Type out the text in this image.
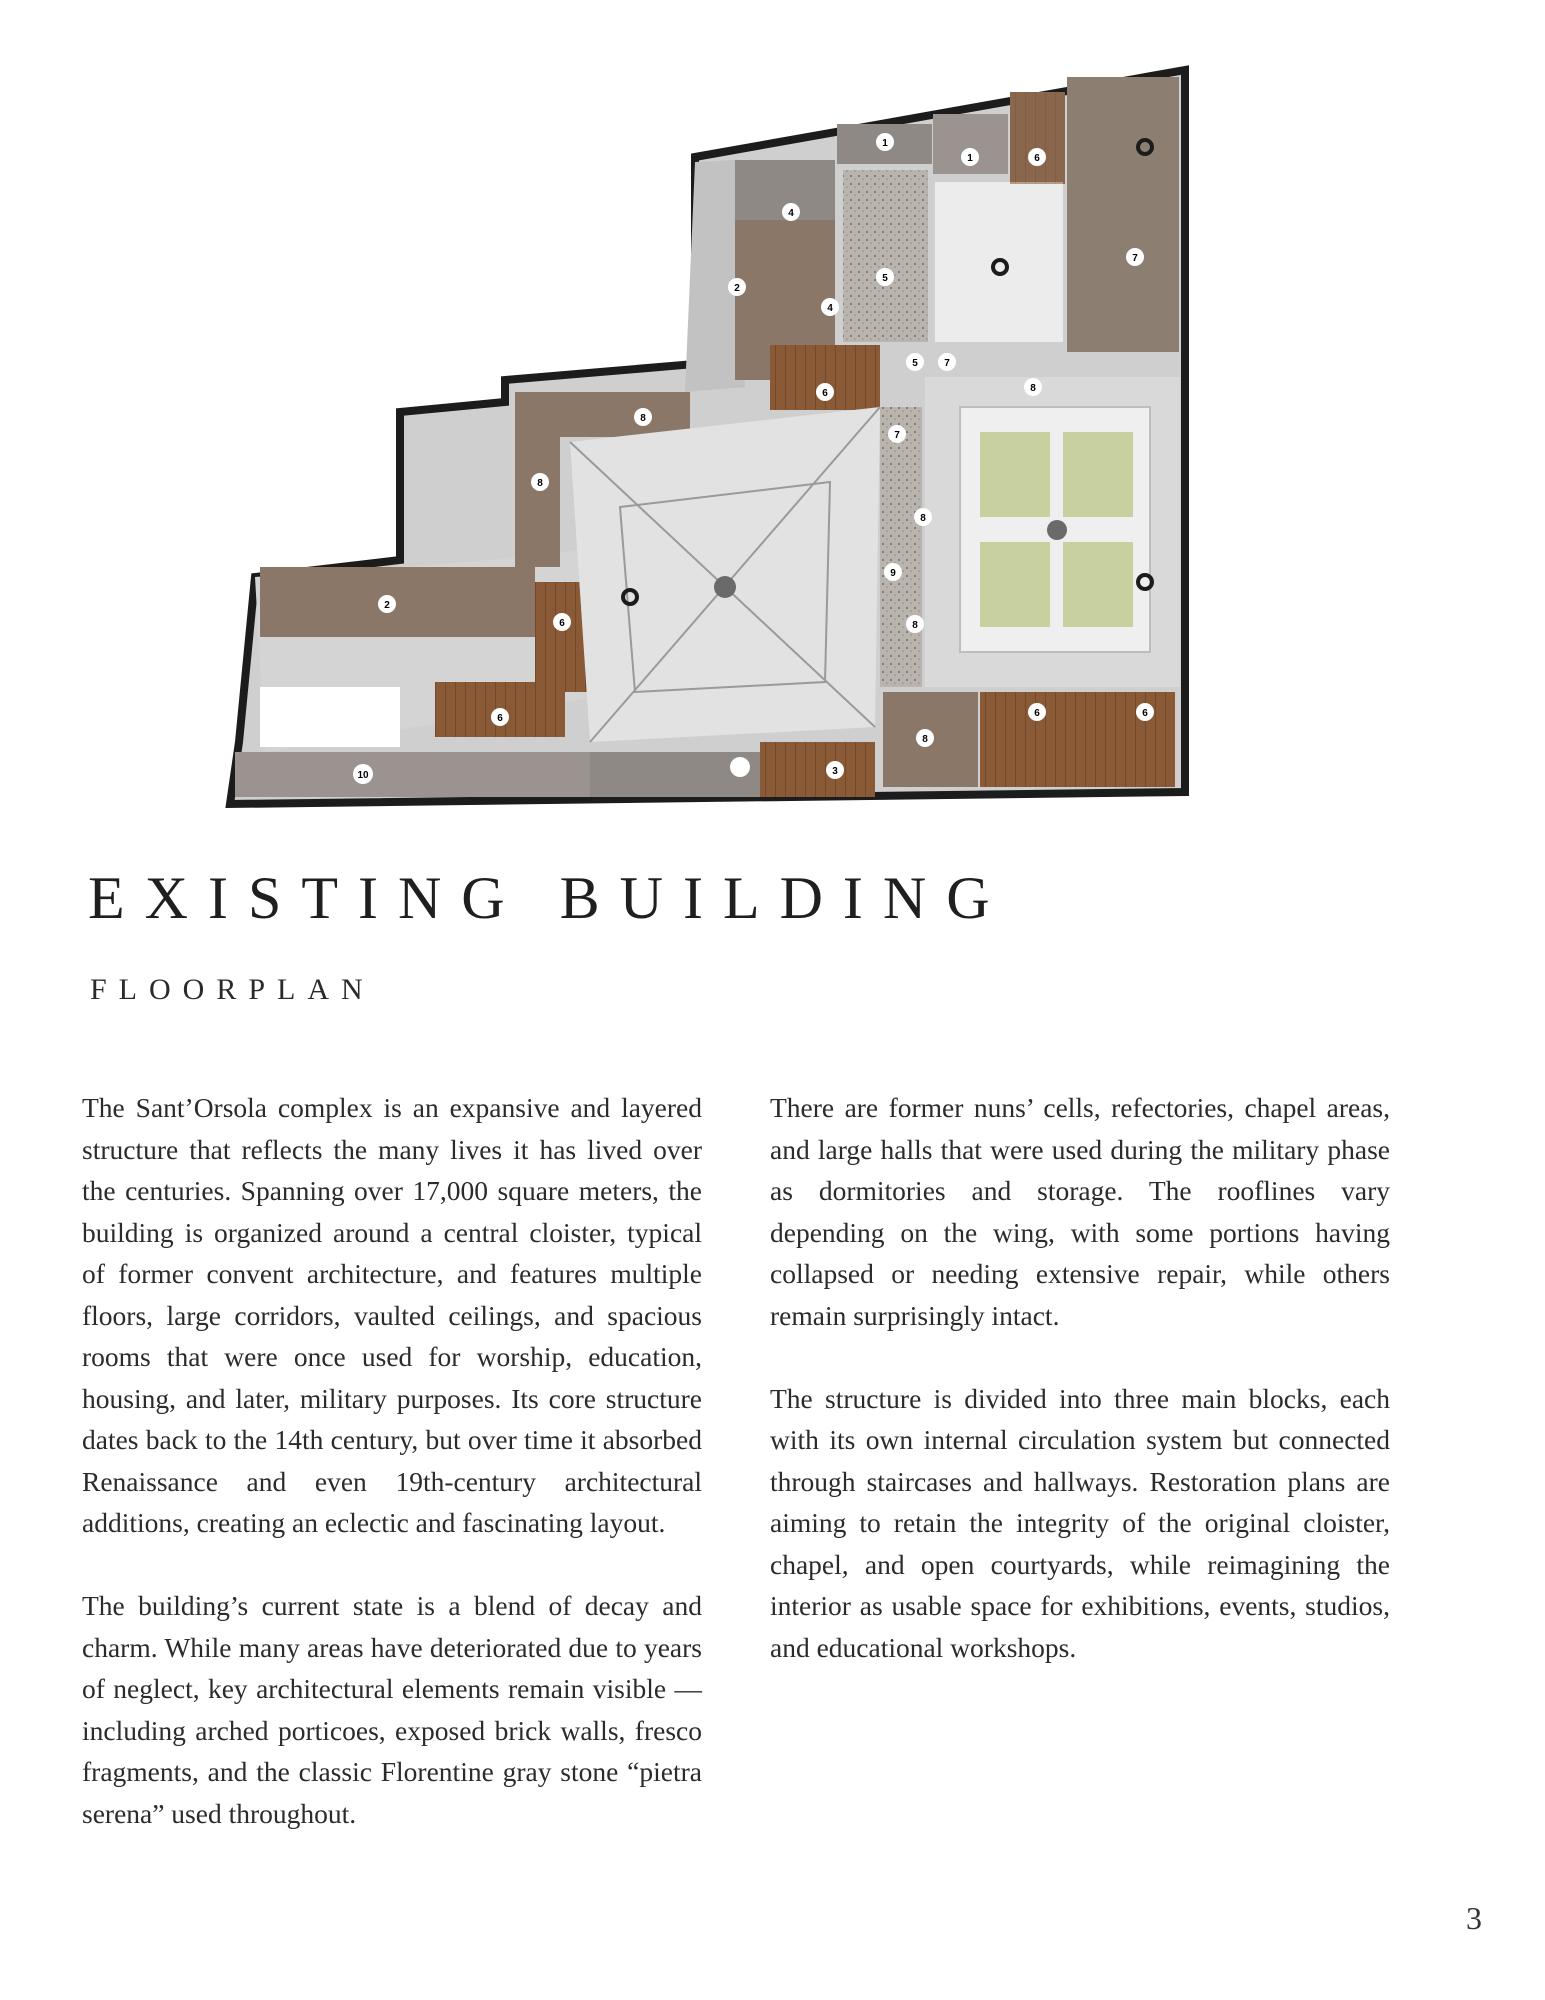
1
1	6
4
2
5
7
4
5	7
6	8
8
7
8
8
2
6
9
8
6
8
6	6
10	3
EXISTING BUILDING
FLOORPLAN

The Sant’Orsola complex is an expansive and layered structure that reflects the many lives it has lived over the centuries. Spanning over 17,000 square meters, the building is organized around a central cloister, typical of former convent architecture, and features multiple floors, large corridors, vaulted ceilings, and spacious rooms that were once used for worship, education, housing, and later, military purposes. Its core structure dates back to the 14th century, but over time it absorbed Renaissance and even 19th-century architectural additions, creating an eclectic and fascinating layout.

The building’s current state is a blend of decay and charm. While many areas have deteriorated due to years of neglect, key architectural elements remain visible — including arched porticoes, exposed brick walls, fresco fragments, and the classic Florentine gray stone “pietra serena” used throughout.

There are former nuns’ cells, refectories, chapel areas, and large halls that were used during the military phase as dormitories and storage. The rooflines vary depending on the wing, with some portions having collapsed or needing extensive repair, while others remain surprisingly intact.

The structure is divided into three main blocks, each with its own internal circulation system but connected through staircases and hallways. Restoration plans are aiming to retain the integrity of the original cloister, chapel, and open courtyards, while reimagining the interior as usable space for exhibitions, events, studios, and educational workshops.

3
